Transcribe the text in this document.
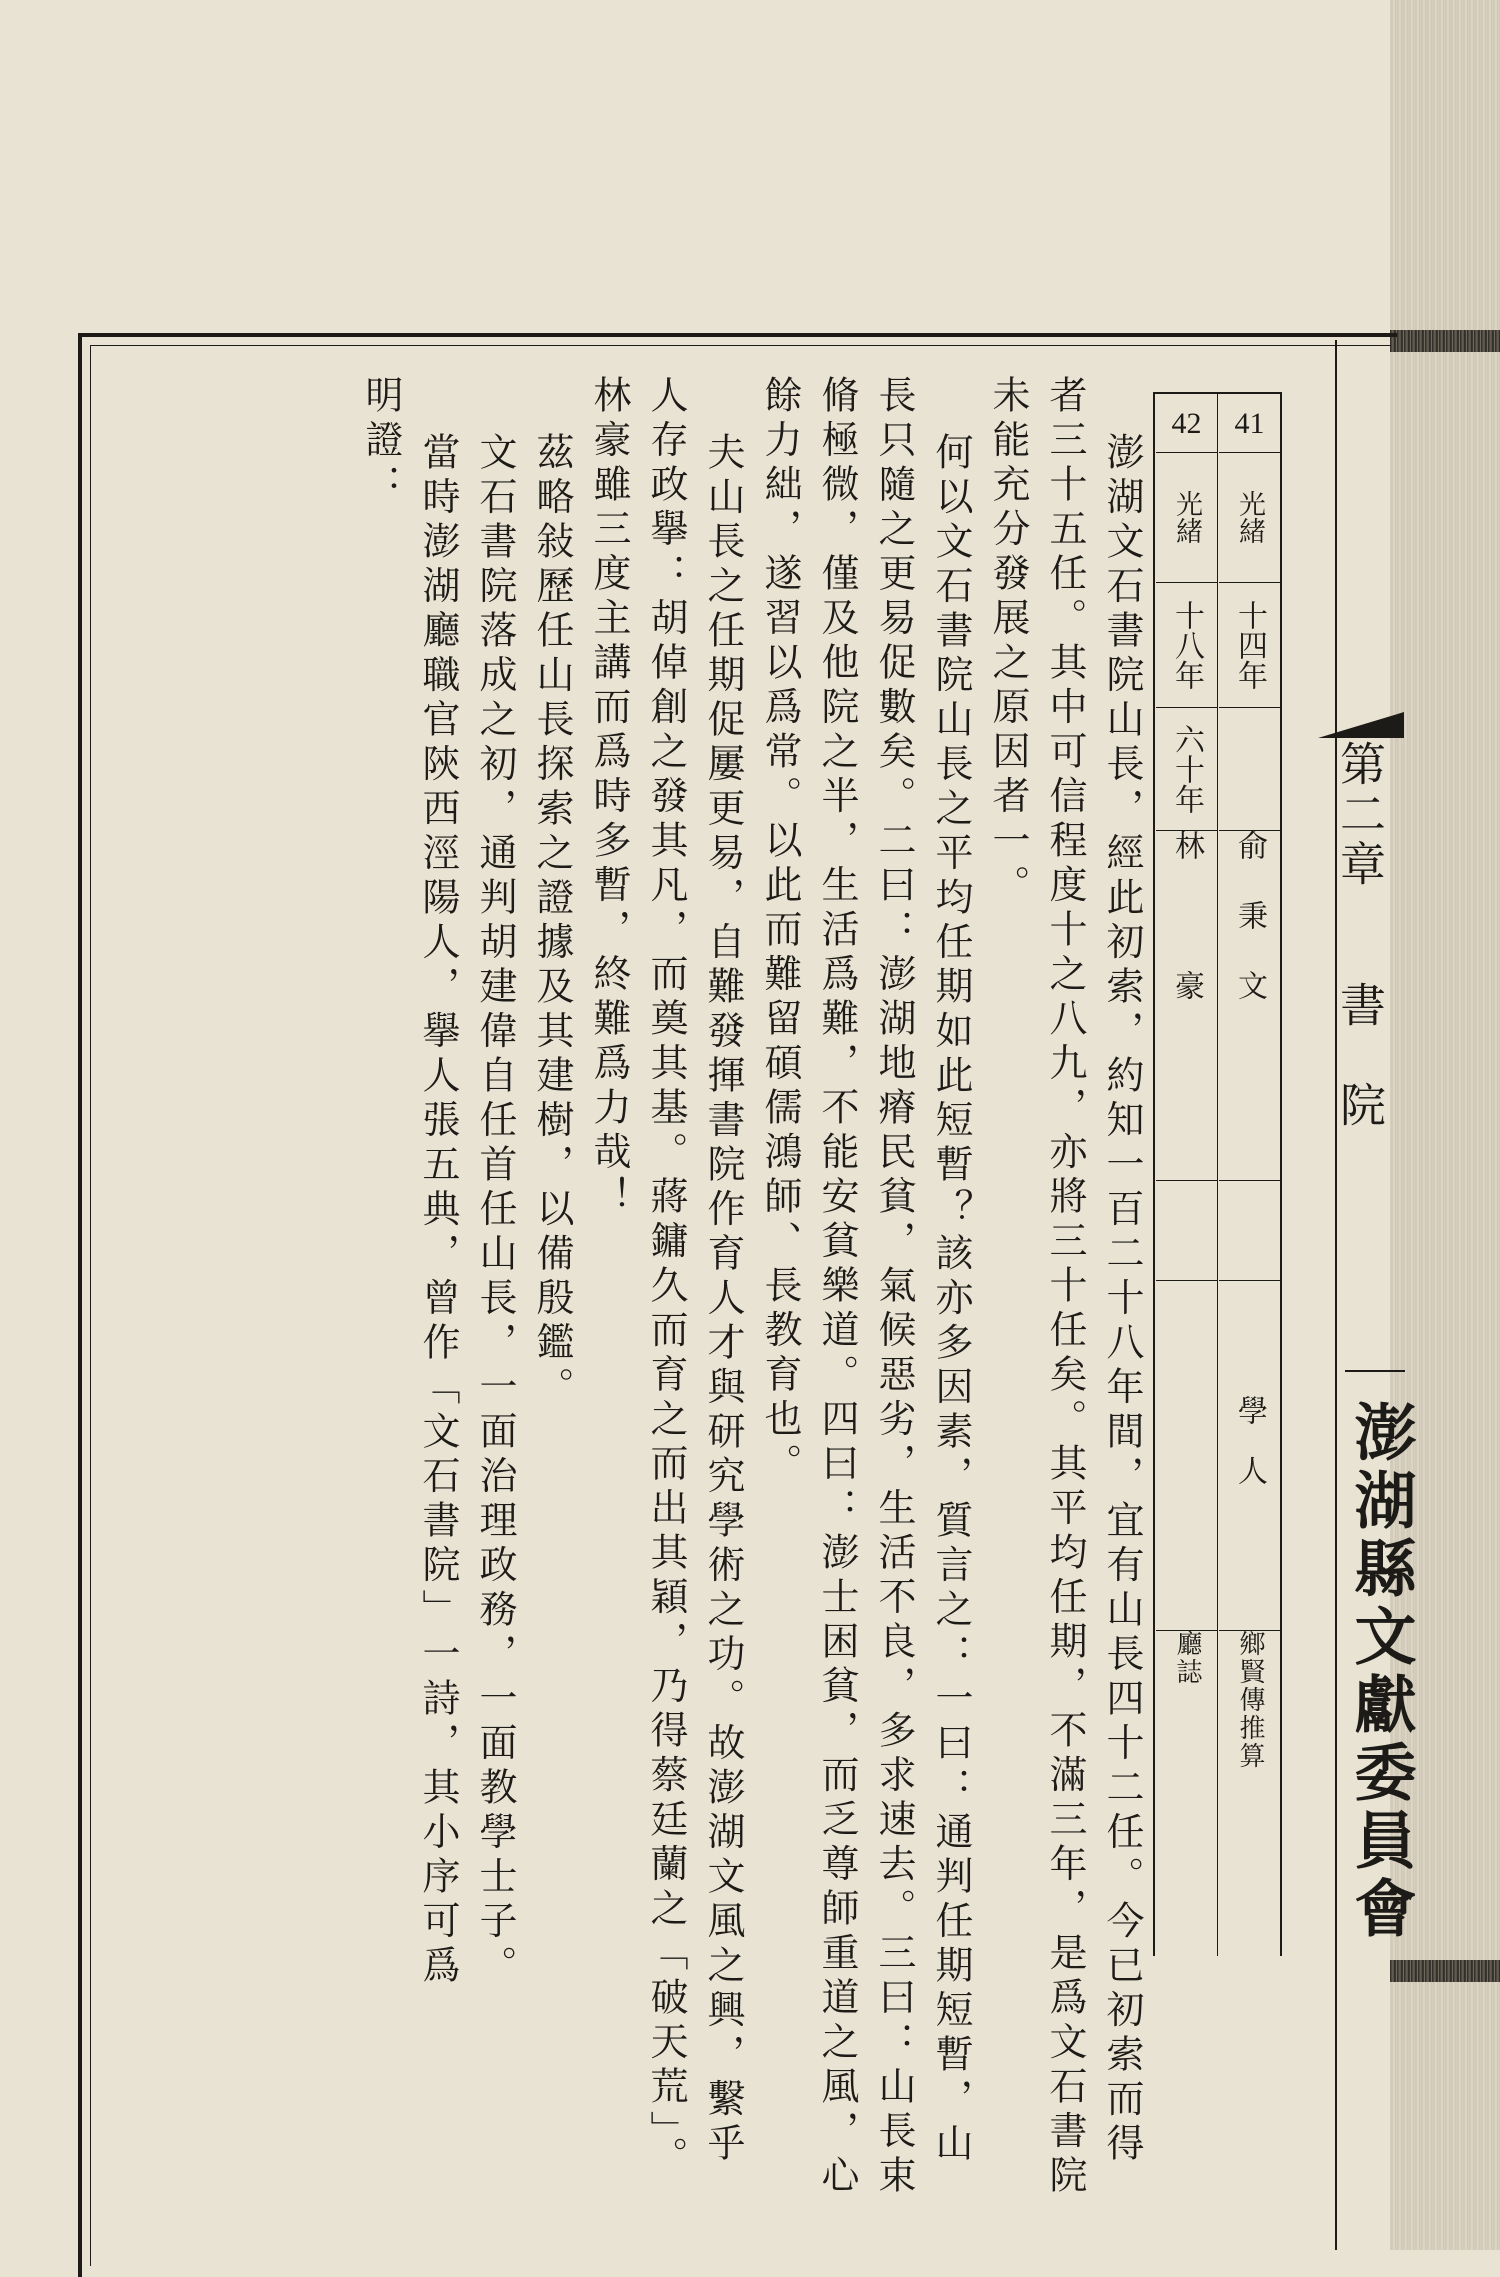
第二章 書　院
澎湖縣文獻委員會
41
光緒
十四年
俞秉文
學人
鄉賢傳推算
42
光緒
十八年
六十年
林　豪
廳誌

澎湖文石書院山長，經此初索，約知一百二十八年間，宜有山長四十二任。今已初索而得者三十五任。其中可信程度十之八九，亦將三十任矣。其平均任期，不滿三年，是爲文石書院未能充分發展之原因者一。

何以文石書院山長之平均任期如此短暫？該亦多因素，質言之：一曰：通判任期短暫，山長只隨之更易促數矣。二曰：澎湖地瘠民貧，氣候惡劣，生活不良，多求速去。三曰：山長束脩極微，僅及他院之半，生活爲難，不能安貧樂道。四曰：澎士困貧，而乏尊師重道之風，心餘力絀，遂習以爲常。以此而難留碩儒鴻師、長教育也。

夫山長之任期促屢更易，自難發揮書院作育人才與研究學術之功。故澎湖文風之興，繫乎人存政擧：胡倬創之發其凡，而奠其基。蔣鏞久而育之而出其穎，乃得蔡廷蘭之「破天荒」。林豪雖三度主講而爲時多暫，終難爲力哉！

茲略敍歷任山長探索之證據及其建樹，以備殷鑑。

文石書院落成之初，通判胡建偉自任首任山長，一面治理政務，一面教學士子。

當時澎湖廳職官陝西涇陽人，擧人張五典，曾作「文石書院」一詩，其小序可爲

明證：
